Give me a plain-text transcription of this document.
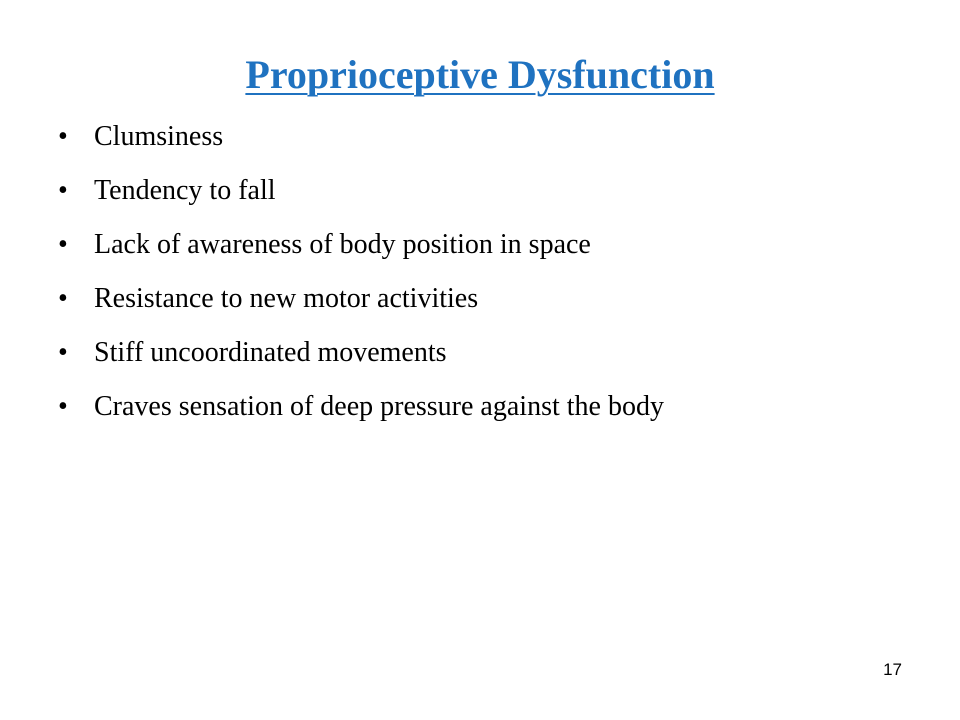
Proprioceptive Dysfunction
• Clumsiness
• Tendency to fall
• Lack of awareness of body position in space
• Resistance to new motor activities
• Stiff uncoordinated movements
• Craves sensation of deep pressure against the body
17
